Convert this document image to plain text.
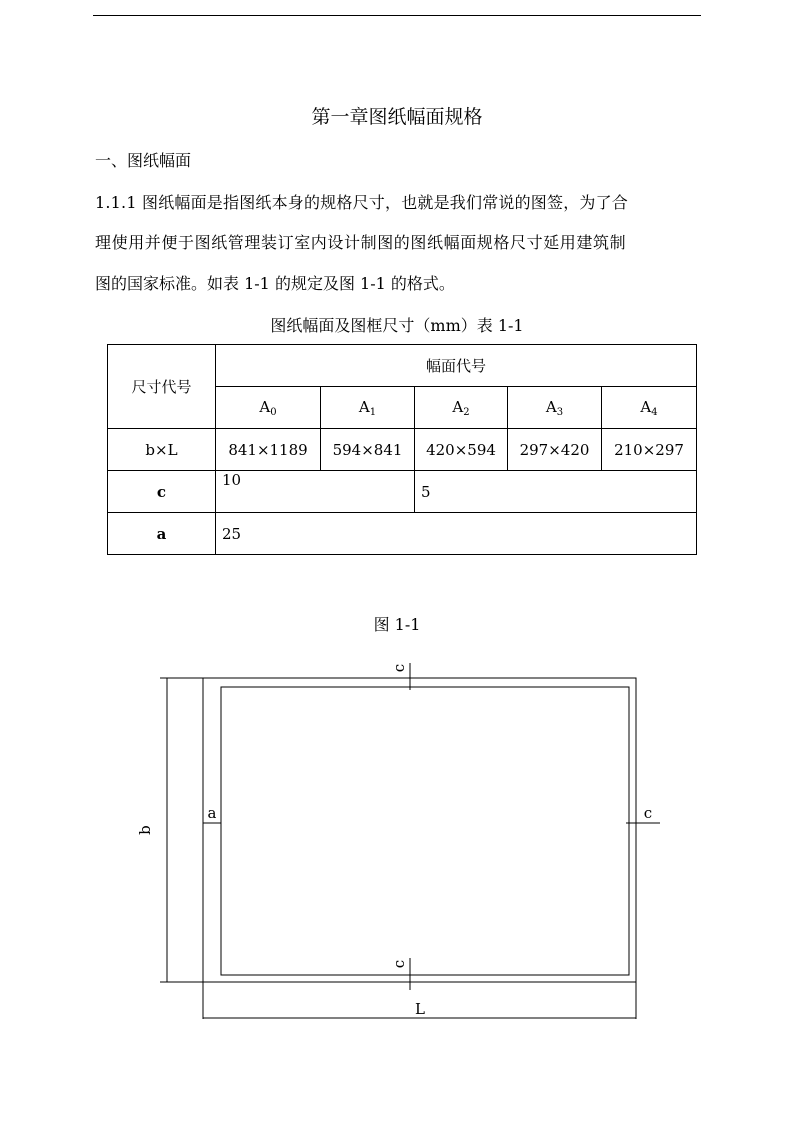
第一章图纸幅面规格
一、图纸幅面
1.1.1 图纸幅面是指图纸本身的规格尺寸，也就是我们常说的图签，为了合
理使用并便于图纸管理装订室内设计制图的图纸幅面规格尺寸延用建筑制
图的国家标准。如表 1-1 的规定及图 1-1 的格式。
图纸幅面及图框尺寸（mm）表 1-1
尺寸代号	幅面代号				
	$A_0$	$A_1$	$A_2$	$A_3$	$A_4$
b×L	841×1189	594×841	420×594	297×420	210×297
c	10		5		
a	25				
图 1-1
b
L
a
c
c
c
